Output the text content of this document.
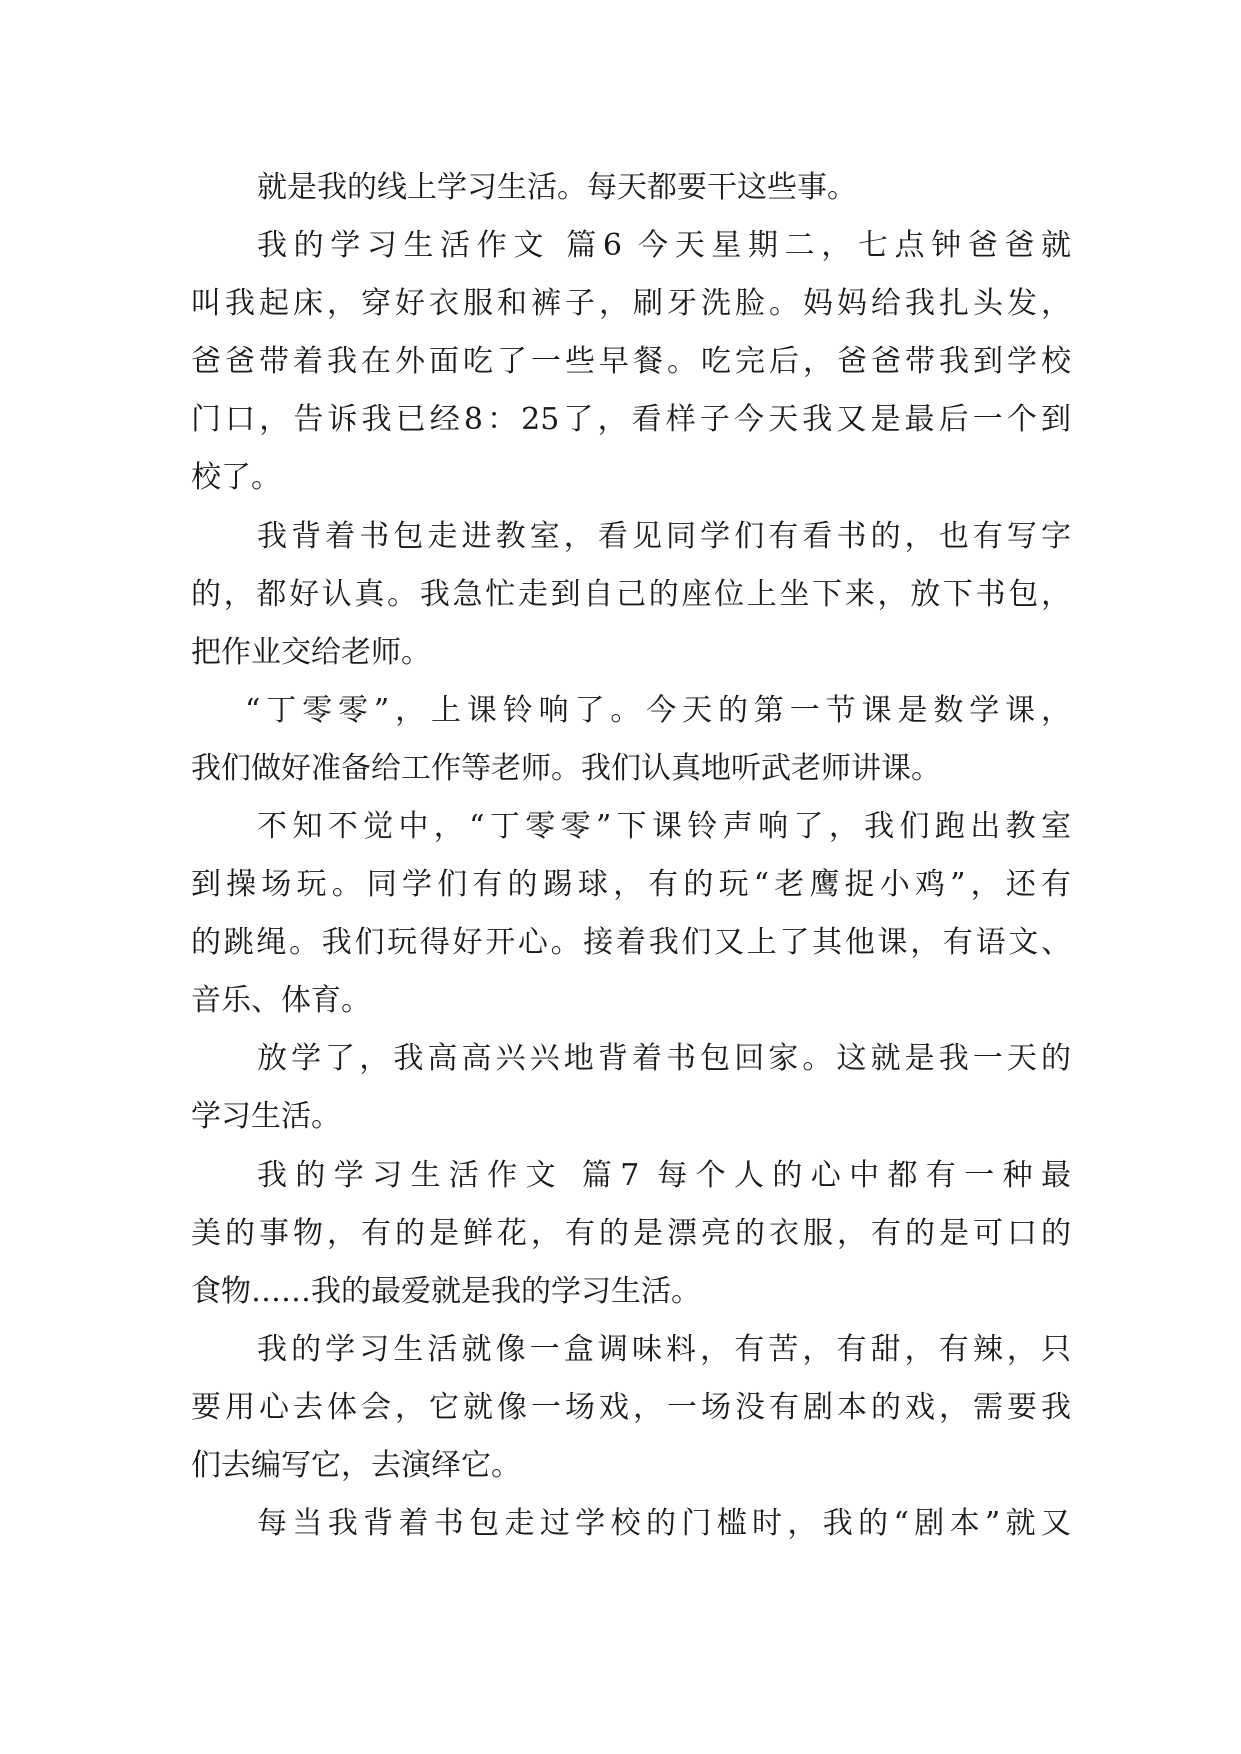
就是我的线上学习生活。每天都要干这些事。

我的学习生活作文 篇6 今天星期二，七点钟爸爸就

叫我起床，穿好衣服和裤子，刷牙洗脸。妈妈给我扎头发，

爸爸带着我在外面吃了一些早餐。吃完后，爸爸带我到学校

门口，告诉我已经8：25了，看样子今天我又是最后一个到

校了。

我背着书包走进教室，看见同学们有看书的，也有写字

的，都好认真。我急忙走到自己的座位上坐下来，放下书包，

把作业交给老师。

“丁零零”，上课铃响了。今天的第一节课是数学课，

我们做好准备给工作等老师。我们认真地听武老师讲课。

不知不觉中，“丁零零”下课铃声响了，我们跑出教室

到操场玩。同学们有的踢球，有的玩“老鹰捉小鸡”，还有

的跳绳。我们玩得好开心。接着我们又上了其他课，有语文、

音乐、体育。

放学了，我高高兴兴地背着书包回家。这就是我一天的

学习生活。

我的学习生活作文 篇7 每个人的心中都有一种最

美的事物，有的是鲜花，有的是漂亮的衣服，有的是可口的

食物……我的最爱就是我的学习生活。

我的学习生活就像一盒调味料，有苦，有甜，有辣，只

要用心去体会，它就像一场戏，一场没有剧本的戏，需要我

们去编写它，去演绎它。

每当我背着书包走过学校的门槛时，我的“剧本”就又
